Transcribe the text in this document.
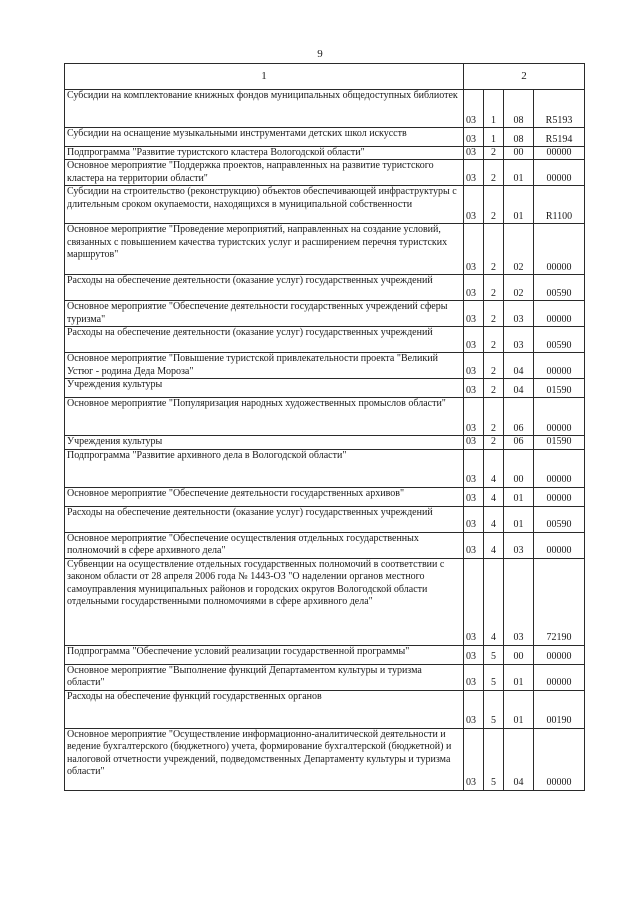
9
1	2			
Субсидии на комплектование книжных фондов муниципальных общедоступных библиотек	03	1	08	R5193
Субсидии на оснащение музыкальными инструментами детских школ искусств	03	1	08	R5194
Подпрограмма "Развитие туристского кластера Вологодской области"	03	2	00	00000
Основное мероприятие "Поддержка проектов, направленных на развитие туристского кластера на территории области"	03	2	01	00000
Субсидии на строительство (реконструкцию) объектов обеспечивающей инфраструктуры с длительным сроком окупаемости, находящихся в муниципальной собственности	03	2	01	R1100
Основное мероприятие "Проведение мероприятий, направленных на создание условий, связанных с повышением качества туристских услуг и расширением перечня туристских маршрутов"	03	2	02	00000
Расходы на обеспечение деятельности (оказание услуг) государственных учреждений	03	2	02	00590
Основное мероприятие "Обеспечение деятельности государственных учреждений сферы туризма"	03	2	03	00000
Расходы на обеспечение деятельности (оказание услуг) государственных учреждений	03	2	03	00590
Основное мероприятие "Повышение туристской привлекательности проекта "Великий Устюг - родина Деда Мороза"	03	2	04	00000
Учреждения культуры	03	2	04	01590
Основное мероприятие "Популяризация народных художественных промыслов области"	03	2	06	00000
Учреждения культуры	03	2	06	01590
Подпрограмма "Развитие архивного дела в Вологодской области"	03	4	00	00000
Основное мероприятие "Обеспечение деятельности государственных архивов"	03	4	01	00000
Расходы на обеспечение деятельности (оказание услуг) государственных учреждений	03	4	01	00590
Основное мероприятие "Обеспечение осуществления отдельных государственных полномочий в сфере архивного дела"	03	4	03	00000
Субвенции на осуществление отдельных государственных полномочий в соответствии с законом области от 28 апреля 2006 года № 1443-ОЗ "О наделении органов местного самоуправления муниципальных районов и городских округов Вологодской области отдельными государственными полномочиями в сфере архивного дела"	03	4	03	72190
Подпрограмма "Обеспечение условий реализации государственной программы"	03	5	00	00000
Основное мероприятие "Выполнение функций Департаментом культуры и туризма области"	03	5	01	00000
Расходы на обеспечение функций государственных органов	03	5	01	00190
Основное мероприятие "Осуществление информационно-аналитической деятельности и ведение бухгалтерского (бюджетного) учета, формирование бухгалтерской (бюджетной) и налоговой отчетности учреждений, подведомственных Департаменту культуры и туризма области"	03	5	04	00000
